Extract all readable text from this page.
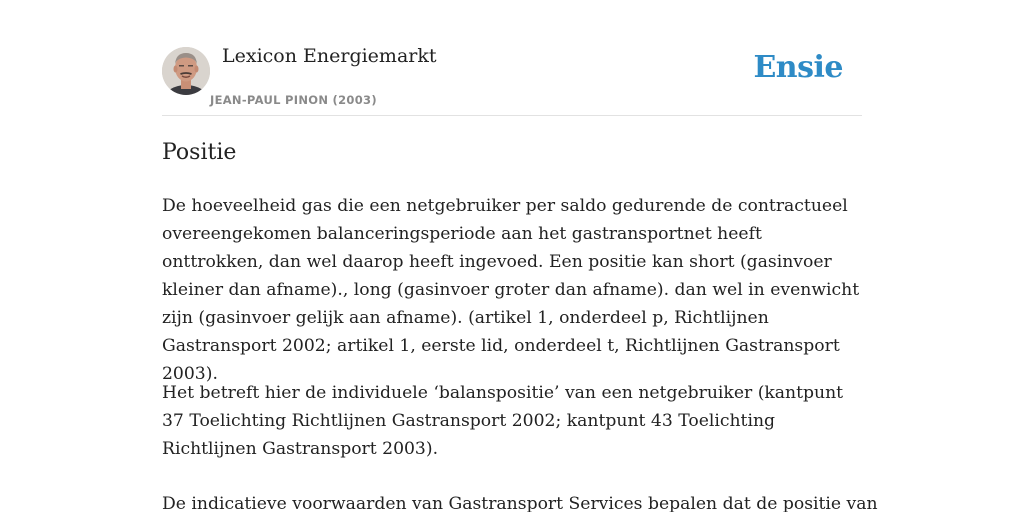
Lexicon Energiemarkt
JEAN-PAUL PINON (2003)
Ensie
Positie

De hoeveelheid gas die een netgebruiker per saldo gedurende de contractueel overeengekomen balanceringsperiode aan het gastransportnet heeft onttrokken, dan wel daarop heeft ingevoed. Een positie kan short (gasinvoer kleiner dan afname)., long (gasinvoer groter dan afname). dan wel in evenwicht zijn (gasinvoer gelijk aan afname). (artikel 1, onderdeel p, Richtlijnen Gastransport 2002; artikel 1, eerste lid, onderdeel t, Richtlijnen Gastransport 2003).

Het betreft hier de individuele ‘balanspositie’ van een netgebruiker (kantpunt 37 Toelichting Richtlijnen Gastransport 2002; kantpunt 43 Toelichting Richtlijnen Gastransport 2003).

De indicatieve voorwaarden van Gastransport Services bepalen dat de positie van
